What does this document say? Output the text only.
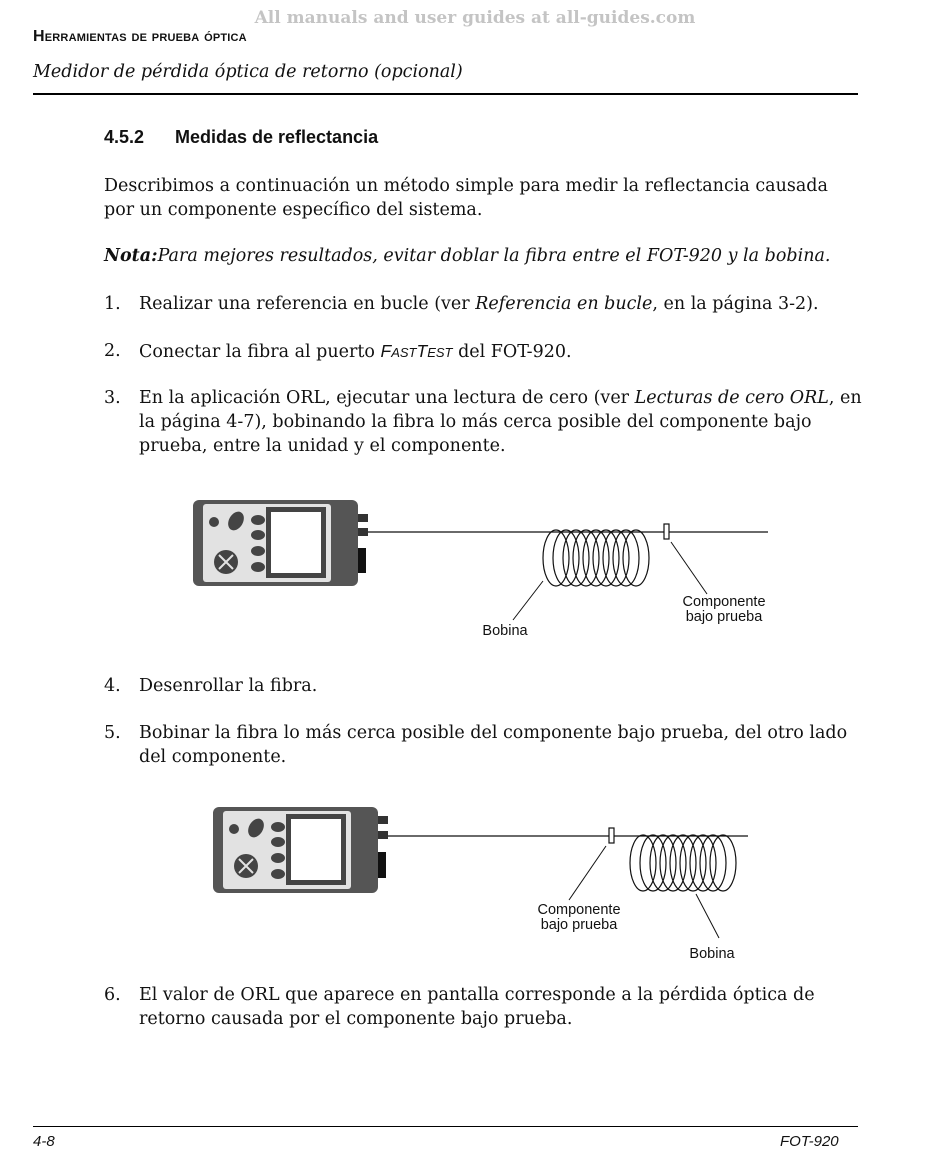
All manuals and user guides at all-guides.com
Herramientas de prueba óptica
Medidor de pérdida óptica de retorno (opcional)
4.5.2 Medidas de reflectancia
Describimos a continuación un método simple para medir la reflectancia causada por un componente específico del sistema.
Nota:Para mejores resultados, evitar doblar la fibra entre el FOT-920 y la bobina.
1. Realizar una referencia en bucle (ver Referencia en bucle, en la página 3-2).
2. Conectar la fibra al puerto FASTTEST del FOT-920.
3. En la aplicación ORL, ejecutar una lectura de cero (ver Lecturas de cero ORL, en la página 4-7), bobinando la fibra lo más cerca posible del componente bajo prueba, entre la unidad y el componente.
Componente
bajo prueba
Bobina
4. Desenrollar la fibra.
5. Bobinar la fibra lo más cerca posible del componente bajo prueba, del otro lado del componente.
Componente
bajo prueba
Bobina
6. El valor de ORL que aparece en pantalla corresponde a la pérdida óptica de retorno causada por el componente bajo prueba.
4-8	FOT-920
